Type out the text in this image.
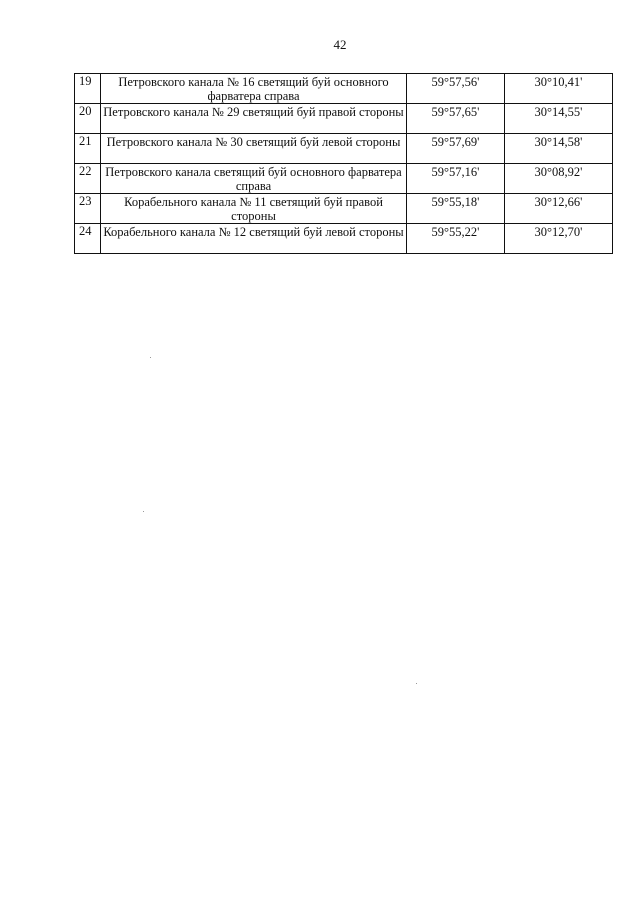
42
19	Петровского канала № 16 светящий буй основного фарватера справа	59°57,56'	30°10,41'
20	Петровского канала № 29 светящий буй правой стороны	59°57,65'	30°14,55'
21	Петровского канала № 30 светящий буй левой стороны	59°57,69'	30°14,58'
22	Петровского канала светящий буй основного фарватера справа	59°57,16'	30°08,92'
23	Корабельного канала № 11 светящий буй правой стороны	59°55,18'	30°12,66'
24	Корабельного канала № 12 светящий буй левой стороны	59°55,22'	30°12,70'
